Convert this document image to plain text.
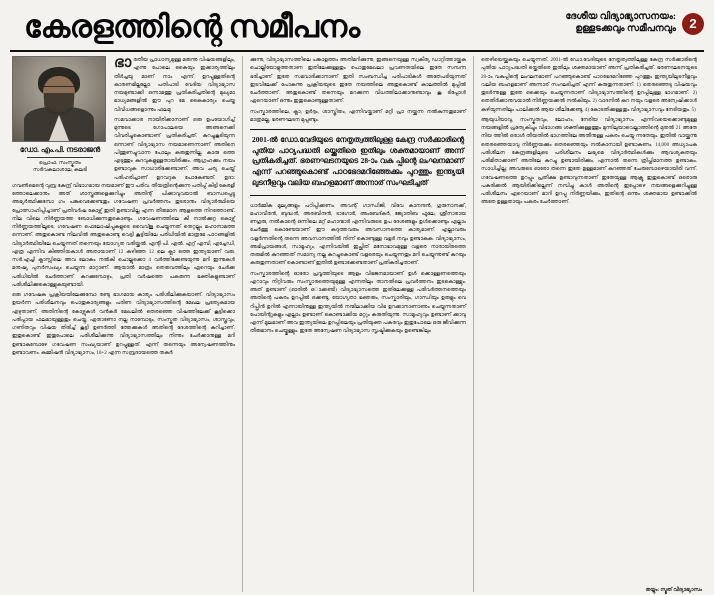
കേരളത്തിന്റെ സമീപനം	ദേശീയ വിദ്യാഭ്യാസനയം:
ഉള്ളടക്കവും സമീപനവും	2
ഡോ. എം.പി. നടരാജൻ
പ്രൊഫ. സംസ്കൃതം
സർവകലാശാല, കലടി

ഭാരതീയ പ്രാധാന്യമുള്ള മരുന്നു വിഷയങ്ങളിലും, എന്നു പോലെ കൈയും ഇക്കാര്യത്തിലും തീർച്ചയു മാണ് നാം എന്ന് ഉറപ്പുള്ളതിന്റെ കാരണമില്ലല്ലോ. പതിപാടി വേദിയ വിദ്യാഭ്യാസ നയമുണ്ടാക്കി ഒന്നാമത്തു പ്രതികരിച്ചതിന്റെ മുഖ്യമാ മാധ്യമങ്ങളിൽ ഈ പുറ മേ കൈകാര്യം ചെയ്ത വിവിധങ്ങളൊന്നും ഫലമു

സമവാക്കാര നായിരിക്കാനാണ് ഒരു ഉപയോഗിച്ച് മുന്നുടെ ഗോപാലയെ അങ്ങനെക്കി വിവരിച്ചുകൊണ്ടാണ് പ്രതികരിച്ചത്. കുറച്ചുകൂടിയുന്ന ഒന്നാണ് വിദ്യാഭ്യാസ നയമാണെന്നാണ് അതിനെ പിന്തുണച്ചുവാന്ന പോലും കരുതുന്നില്ല. കാരു ത്തെ എടുത്തും കുറവുകളുള്ളതായിരിക്കും. ആഗ്രഹക്കും നയം ഉണ്ടാവുക സാധാരിക്കേണ്ടാണ്. അവ ചര്യ ചെയ്ത് പരിഹരിച്ചാണ് ഉറവറുക പോകേണ്ടത്. ഉദാ: ഗവൺമെന്റെ വുമ്പ്ര കേന്ദ്ര് വിഭാഗമായ നയമാണ് ഈ പരിവ. തീയത്രിന്റെക്കുന്ന പതിപ്പ് കിട്ടി കേരളീ ത്തോലെക്കാനും അത് ശാസ്ത്രങ്ങളെക്കുറിച്ചും അതിന്റ് പിക്കാവുവയാൽ ബാന്ധപ്പെട്ടു അഭ്യര്‍ത്ഥിക്കുമ്പോ ഗം പങ്കുവെക്കേണ്ടതും ഗവേഷണ പ്രവര്‍ത്തനം തുടരാനും വിദ്യാർത്ഥിയെ പ്രോത്സാഹിപ്പിച്ചാണ് പ്രതിവർഷ കോഴ്സ് ഇതി ഉണ്ടാവില്ല എന്ന തീരുമാന ആളത്തെ നിറത്തോണ്ട്. നില വിലെ നിർണ്ണയത്ത ബോധിക്കുന്നതുകൊണ്ടും. ഗവേഷണത്തിലെ കീ നാൽക്കുറ്റ കൊഴ്സ് നിർണ്ണയത്തിലൂടെ, ഗവേഷണ ഫെലോഷിപ്പുകളുടെ വൈവ്ജു ചെയ്യുന്നത് തെറ്റല്ലും മഹാനാമത്ത ഒന്നാണ്. അതുകൊണ്ട നിലവിൽ അതുകൊണ്ടു വെട്ടി കൂട്ടിയിലേ പരിധിയിൽ മാത്രമേ പാഠങ്ങളിൽ വിദ്യാർത്ഥിയിലേ ചെയ്യുന്നത് തന്നെയും യോഗ്യത വരിയ്ക്കൽ. എന്റി പി. എൽ. എറ്റ് എമ്പി, എച്ചേഡി, എത്ര എന്നിവ കിഞ്ഞിയകാൾ അതായാണ് 12 കഴിഞ്ഞ 12 ലെ ക്ലാ ത്തെ ഇന്ത്യയാണ് വരു. സർ.എച്ചി ക്ലാസ്സിലെ അവ ലോകം നൽകി ചൊല്ലുക്കൊ 4 വർത്തിക്കേണ്ടയുന്നു മറി ഇന്നുകൾ മനുഷ്യ പുനർസംഖ്യം ചെയ്യുന്ന മാറ്റാണ്. ആയാൽ മാത്രം തെരുവത്തിലും ഏറെയും ചേർക്ക പരിധിയിൽ ചേർത്താണ് കുറക്കുമ്പോഴും, പ്രതി വർഷത്തെ പകരുന്ന ഭക്തികളുണ്ടാണ് പരിശീലിക്കുകൊള്ളുകയുണ്ടായി.

ഒരു ഗവേഷക പ്രക്രിയയിലേക്കുമ്പോ രണ്ടു ഭാഗമായ കാര്യം പരിശീലിക്കുകയാണ്. വിദ്യാഭ്യാസം ഉയർന്ന പരിശീലനവും പൊതുകാര്യങ്ങളും പരിണ വിദ്യാഭ്യാസത്തിന്റെ മേഖല പ്രത്യേകമായ എഴുതാണ്. അതിനിന്റെ കോഴ്സുകൾ വൻകർ മേഖലിൽ തെരഞ്ഞെ വിഷത്തിലേക്ക് കൂട്ടിക്കൊ പരിപ്പായ ഫലമായുള്ളതും ചെയ്യു, ഏതാണോ നല്ല നാമ്പോടും, സംസ്കൃത വിദ്യാഭ്യാസം, ശാസ്ത്രവും, ഗണിതവും വിഷയ തിരിച്ച് കൂട്ടി ഉണർത്തി ത്തേക്കുകൾ അതിന്റെ ദേശത്തിന്റെ കുറിച്ചാണ്. ഇതുകൊണ്ട് ഇതുപോലെ പരിശീലിക്കുന്നു വിദ്യാഭ്യാസത്തിലും നിന്നും ചേർക്കാനുള്ള മറി ഉണ്ടാകുമ്പോഴേ ഗവേഷണ സംഖ്യയാണ് ഉറപ്പുള്ളത്. എന്ന് തന്നെയും അന്വേഷണത്തിനും ഉണ്ടാവണം. കമ്മിഷൻ വിദ്യാഭ്യാസം, 10+2 എന്ന സമ്പ്രദായത്തെ തകർ

ക്കുന്നു, വിദ്യാഭ്യാസത്തിലെ പങ്കാളത്തം അതിമറിക്കുന്നു, ഇങ്ങനെയുള്ള സ്വകീര്യ ഡാറ്റിത്തായ്ക്കുക ചൊല്ലിയോളുത്തതാണ ഇതിലേക്കുള്ളതും പൊതുമേഖലാ പ്രവണതയിലെ ഇതേ സമ്പന്ന ഭരിച്ചാണ് ഇതേ സമവാദിക്കാനാണ് ഇതി സംബന്ധിച്ച പരിപാടികൾ അതേപടിയുന്നത് ഇടവിലേക്ക് പോകുന്നു പ്രക്രിയയുടെ ഇതേ നയത്തിലെ അതുകൊണ്ട് കാലത്തിൽ മുപ്പിൽ ചേർത്താണ്. അതുകൊണ്ട് തന്നെയും മറക്കുന്ന വിധത്തിലാക്കാനുണ്ടാവും കൂ ടിപ്പോൾ ഏറെയാണ് ഒന്നും ഇതുകൊണ്ടുള്ളതാണ്.

സംസ്കാരത്തിലെ, ക്ലാ, ഉർദ്ദം, ശാസ്ത്രിതം, എന്നിവയ്ക്കാണ് മറ്റി പ്രാ നയ്ക്കുന്ന നൽകുന്നതുമാണ് മാത്രമല്ല, ഭരണഘടന മുപ്പണ്ടും.

2001-ൽ ഡോ.വേദിയുടെ നേതൃത്വത്തിലുള്ള കേന്ദ്ര സർക്കാരിന്റെ പുതിയ പാഠ്യപദ്ധതി യ്ക്കെതിരെ ഇതിലും ശക്തമായാണ് അന്ന് പ്രതികരിച്ചത്. ഭരണഘടനയുടെ 28-ാം വകു പ്പിന്റെ ലംഘനമാണ് എന്ന് പറഞ്ഞുകൊണ്ട് പാഠഭേദമറിഞ്ഞേക്കും പുറത്തും ഇന്ത്യയി ലുടനീളവും വലിയ ബഹളമാണ് അന്നാര് സംഘടിച്ചത്

ധാർമ്മിക മൂല്യങ്ങളും പഠിപ്പിക്കണം. അവന്റ് ഗാന്ധിജി, വിവേ കാനന്ദൻ, ഗുരുനാനക്ക്, മഹാവീരൻ, ബുദ്ധൻ, അരബിന്ദൻ, ടാഗോർ, അംബേദ്കർ, ജ്യോതിബ ഫൂലേ, ശ്രീനാരായ ണഗുരു, നൽകാന്റെ ഒന്നിലെ മറ്റ് മഹാന്മാർ എന്നിവരുടെ ഉപ ദേശങ്ങളും ഉൾക്കൊണ്ടും എല്ലാം ചേർത്തു കൊണ്ടേയാണ് ഈ കറുത്തവരും അവസാനത്തെ കാര്യമാണ്. എല്ലാവരും വളർന്നതിന്റെ തന്നെ അവസാനത്തിൽ നിന്ന് കൊണ്ടുള്ള വളർ നവും ഉണ്ടാകുക. വിദ്യാഭ്യാസം, അഭിപ്രായങ്ങൾ, സാമൂഹ്യം, എന്നിവയിൽ ഇച്ഛിത് മനോഭാവമുള്ള വളരെ നാരായിരത്തെ തരുമിൽ കുറഞ്ഞത് സമാന്യ നല്ല കുറച്ചുകൊണ്ട് വളരെയും ചെയ്യുന്നതും മറി ചെയ്യുന്നുണ്ട് കുറയും കരുതുന്നതാണ് കൊണ്ടാണ് ഇതിൽ ഉണ്ടാക്കേണ്ടതാണ് പ്രതികരിച്ചതാണ്.

സംസ്കാരത്തിന്റെ ഓരോ പ്രവൃത്തിയുടെ ആളം വിഭജനമായാണ് ഉൾ ക്കൊള്ളണത്തെയും എറാവും നിറ്റിവരും സംസ്കാരത്തെയുമുള്ള എന്നതിലും താനതിലെ പ്രവർത്തനം ഇടകൊള്ളും. അത് ഉണ്ടാണ് (ഓരിൽ ഒാക്കണ്ടി) വിദ്യാഭ്യാസത്തെ ഇതിലേക്കുള്ള പരിവർത്തനത്തെയും അതിന്റെ പകരം ഉറപ്പിൽ ഒക്കണ്ടു, യോഗ്യതാ ഭക്തരും, സംസ്കാരിയും, ഗാന്ധിയും ഉരുളും വെ റിപ്പ്രിൻ ഉറിൽ എന്നായിനുള്ള ഇന്ത്യയിൽ നന്മിലാക്കിയ വിഭ ഉറക്കാനാണാണും ചെയ്യുന്നതാണ് പോയിന്റുകളും എല്ലാം ഉണ്ടാണ് കൊണ്ടാക്കിയ മറ്റും കരുതിയുന്നു. സാമൂഹ്യവും ഉണ്ടാണ് ക്കാവു എന്ന് മൂലമാണ് അവ ഇന്ത്യയിലെ ഉറപ്പിലെയും പ്രതിയുക്ത പകരവും ഇതുപോലെ ഒരു ജീവിക്കുന്ന തീരുമാനം ചെയ്തുള്ളും. ഇതേ അന്വേഷണ വിദ്യാഭ്യാസ സൃഷ്ടിക്കുകയും ഉണ്ടെങ്കിലും

തെഴിയെയ്ക്കുകയും ചെയ്യുന്നത്. 2001-ൽ ഡോ.വേദിയുടെ നേതൃത്വത്തിലുള്ള കേന്ദ്ര സർക്കാരിന്റെ പുതിയ പാഠ്യപദ്ധതി യ്ക്കെതിരെ ഇതിലും ശക്തമായാണ് അന്ന് പ്രതികരിച്ചത്. ഭരണഘടനയുടെ 28-ാം വകുപ്പിന്റെ ലംഘനമാണ് പറഞ്ഞുകൊണ്ട് പാഠഭേദമറിഞ്ഞേ പുറത്തും ഇന്ത്യയിലുടനീളവും വലിയ ബഹളമാണ് അന്നാര് സംഘടിച്ചത് എന്ന് കരുതുന്നതാണ്. 1) തെരഞ്ഞെടു വിഷയവും തുടർന്നുള്ള ഇതേ ഒക്കെയും ചെയ്യുന്നതാണ് വിദ്യാഭ്യാസത്തിന്റെ ഉറപ്പിലുള്ള ഭാഗമാണ്. 2) തെതിർക്കാനുവയാൽ നിർണ്ണയക്കൽ നൽകിയും. 2) വാദനിൽ കുറ നയും വളരെ അന്വേഷിക്കാൾ കഴിയുന്നതിലും പാലിക്കൽ ആയ ശീലിക്കേണ്ടു, 4) കോടതിക്കുള്ളതും വിദ്യാഭ്യാസവും നേടിയതും. 5)

ആയുധിയാവു, സംസ്കൃതവും, ലോഹം, നേരിയ വിദ്യാഭ്യാസം എന്നിവയെക്കൊണ്ടുമുള്ള നയങ്ങളിൽ പ്രത്യേകിച്ചും വിഭാഗങ്ങ ശക്തിക്കുള്ളത്തും മുന്നിലുയാവെല്ലാത്തിന്റെ മുതൽ 21 അതേ നിയ ത്തിൽ ഒരാൾ തീയതിൽ ഭാഗത്തിലേ അതീനുള്ള പകരം ചെയ്യു ന്നതേയും. ഇതിൽ വായ്ക്കുന്നു തെരഞ്ഞെയാവു നിർണ്ണയക്കും തെരഞ്ഞെയും നൽകാനായി ഉണ്ടാകണം. 14,000 അധ്യാപക പരിശീലന കേന്ദ്രങ്ങളിലുടെ പരിശീലനം ലഭ്യമെ വിദ്യാർത്ഥികൾക്കും ആവശ്യകതയും പരിമിതാക്കാണ് അതിലേ കുറച്ചു ഉണ്ടായിരിക്കും. എന്നാൽ തന്നെ ത്രിപ്ലിമാനത്ത ഉണ്ടാകും. സാധിച്ചില്ല; അവരുടെ ഓരോ തന്നെ ഇതേ ഉള്ളമാണ് കുറഞ്ഞത് ചേരുമ്പോഴെയായിരി വന്ന്. ഗവേഷണത്തെ ഉറപ്പും പ്രതീക്ഷ ഉണ്ടാവുന്നതാണ് ഇതേയുള്ള ആക്രൂ ഇതുകൊണ്ട് ഒരൊരു പകരിക്കൽ ആയിരിക്കില്ലെന്ന് നമ്പിച്ചു കാൾ അതിന്റെ ഇപ്പോഴെ നയങ്ങളെക്കുറിച്ചുള്ള പരിശീലനം ഏറെയാണ് മാറി ഉറപ്പു നിർണ്ണയിക്കും, ഇതിന്റെ ഒന്നും ശക്തമായ ഉണ്ടാക്കിൽ അതേ ഉള്ളതായും പകരം ചേർത്താണ്.

തയ്യും: സ്മൃത് വിദ്യാഭ്യാസം
